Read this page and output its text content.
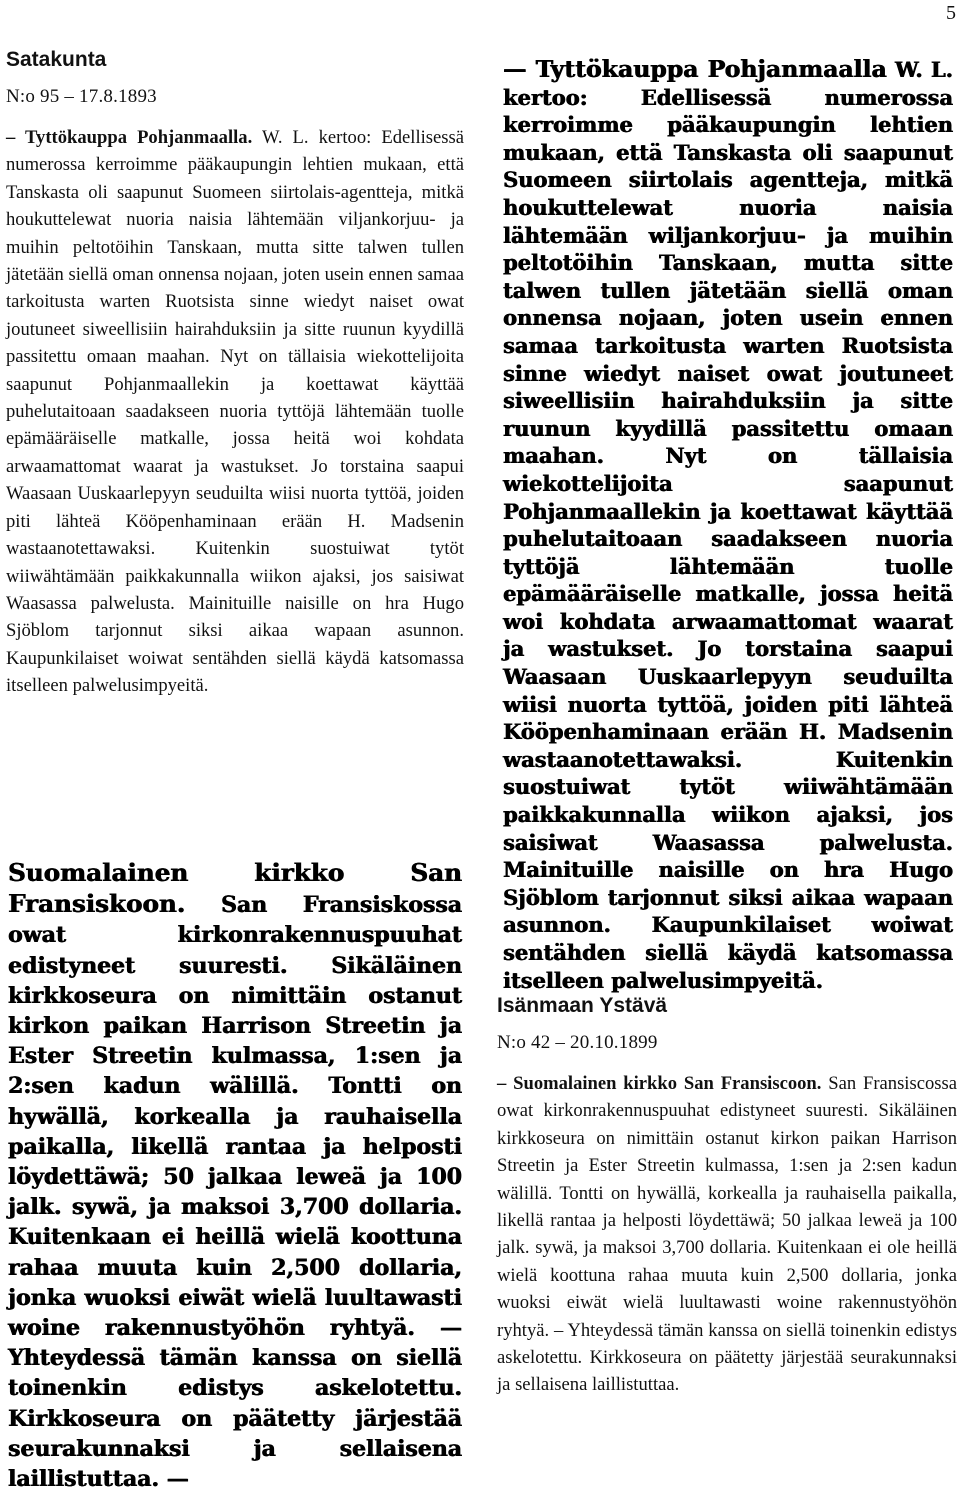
5
Satakunta
N:o 95 – 17.8.1893

– Tyttökauppa Pohjanmaalla. W. L. kertoo: Edellisessä numerossa kerroimme pääkaupungin lehtien mukaan, että Tanskasta oli saapunut Suomeen siirtolais-agentteja, mitkä houkuttelewat nuoria naisia lähtemään viljankorjuu- ja muihin peltotöihin Tanskaan, mutta sitte talwen tullen jätetään siellä oman onnensa nojaan, joten usein ennen samaa tarkoitusta warten Ruotsista sinne wiedyt naiset owat joutuneet siweellisiin hairahduksiin ja sitte ruunun kyydillä passitettu omaan maahan. Nyt on tällaisia wiekottelijoita saapunut Pohjanmaallekin ja koettawat käyttää puhelutaitoaan saadakseen nuoria tyttöjä lähtemään tuolle epämääräiselle matkalle, jossa heitä woi kohdata arwaamattomat waarat ja wastukset. Jo torstaina saapui Waasaan Uuskaarlepyyn seuduilta wiisi nuorta tyttöä, joiden piti lähteä Kööpenhaminaan erään H. Madsenin wastaanotettawaksi. Kuitenkin suostuiwat tytöt wiiwähtämään paikkakunnalla wiikon ajaksi, jos saisiwat Waasassa palwelusta. Mainituille naisille on hra Hugo Sjöblom tarjonnut siksi aikaa wapaan asunnon. Kaupunkilaiset woiwat sentähden siellä käydä katsomassa itselleen palwelusimpyeitä.

— Tyttökauppa Pohjanmaalla W. L. kertoo: Edellisessä numerossa kerroimme pääkaupungin lehtien mukaan, että Tanskasta oli saapunut Suomeen siirtolais agentteja, mitkä houkuttelewat nuoria naisia lähtemään wiljankorjuu- ja muihin peltotöihin Tanskaan, mutta sitte talwen tullen jätetään siellä oman onnensa nojaan, joten usein ennen samaa tarkoitusta warten Ruotsista sinne wiedyt naiset owat joutuneet siweellisiin hairahduksiin ja sitte ruunun kyydillä passitettu omaan maahan. Nyt on tällaisia wiekottelijoita saapunut Pohjanmaallekin ja koettawat käyttää puhelutaitoaan saadakseen nuoria tyttöjä lähtemään tuolle epämääräiselle matkalle, jossa heitä woi kohdata arwaamattomat waarat ja wastukset. Jo torstaina saapui Waasaan Uuskaarlepyyn seuduilta wiisi nuorta tyttöä, joiden piti lähteä Kööpenhaminaan erään H. Madsenin wastaanotettawaksi. Kuitenkin suostuiwat tytöt wiiwähtämään paikkakunnalla wiikon ajaksi, jos saisiwat Waasassa palwelusta. Mainituille naisille on hra Hugo Sjöblom tarjonnut siksi aikaa wapaan asunnon. Kaupunkilaiset woiwat sentähden siellä käydä katsomassa itselleen palwelusimpyeitä.
Suomalainen kirkko San Fransiskoon. San Fransiskossa owat kirkonrakennuspuuhat edistyneet suuresti. Sikäläinen kirkkoseura on nimittäin ostanut kirkon paikan Harrison Streetin ja Ester Streetin kulmassa, 1:sen ja 2:sen kadun wälillä. Tontti on hywällä, korkealla ja rauhaisella paikalla, likellä rantaa ja helposti löydettäwä; 50 jalkaa leweä ja 100 jalk. sywä, ja maksoi 3,700 dollaria. Kuitenkaan ei heillä wielä koottuna rahaa muuta kuin 2,500 dollaria, jonka wuoksi eiwät wielä luultawasti woine rakennustyöhön ryhtyä. — Yhteydessä tämän kanssa on siellä toinenkin edistys askelotettu. Kirkkoseura on päätetty järjestää seurakunnaksi ja sellaisena laillistuttaa. —
Isänmaan Ystävä
N:o 42 – 20.10.1899

– Suomalainen kirkko San Fransiscoon. San Fransiscossa owat kirkonrakennuspuuhat edistyneet suuresti. Sikäläinen kirkkoseura on nimittäin ostanut kirkon paikan Harrison Streetin ja Ester Streetin kulmassa, 1:sen ja 2:sen kadun wälillä. Tontti on hywällä, korkealla ja rauhaisella paikalla, likellä rantaa ja helposti löydettäwä; 50 jalkaa leweä ja 100 jalk. sywä, ja maksoi 3,700 dollaria. Kuitenkaan ei ole heillä wielä koottuna rahaa muuta kuin 2,500 dollaria, jonka wuoksi eiwät wielä luultawasti woine rakennustyöhön ryhtyä. – Yhteydessä tämän kanssa on siellä toinenkin edistys askelotettu. Kirkkoseura on päätetty järjestää seurakunnaksi ja sellaisena laillistuttaa.
